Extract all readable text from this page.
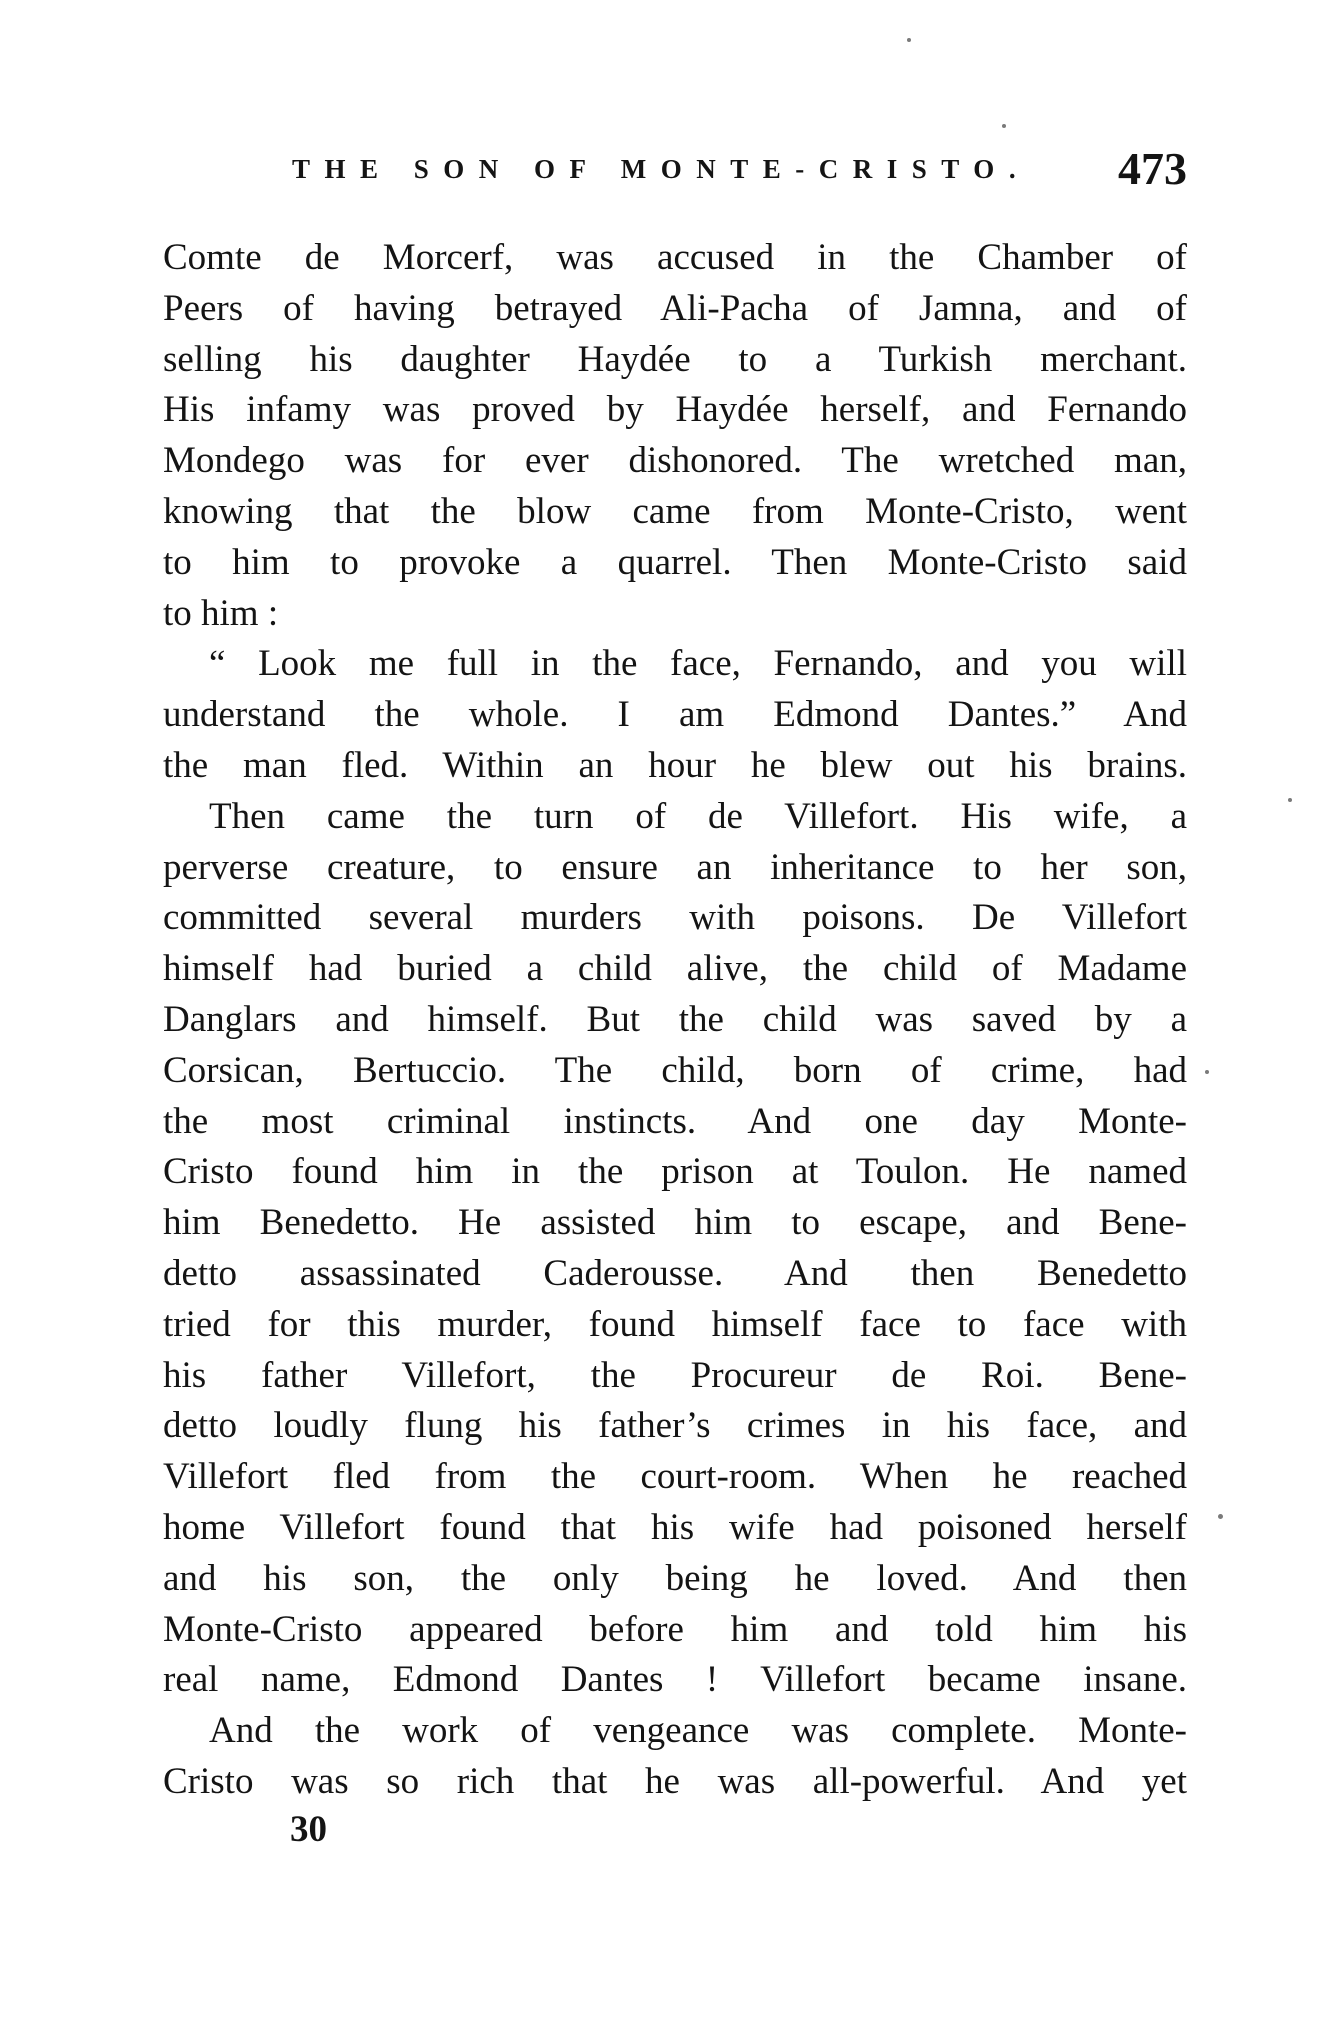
THE SON OF MONTE-CRISTO. 473
Comte de Morcerf, was accused in the Chamber of
Peers of having betrayed Ali-Pacha of Jamna, and of
selling his daughter Haydée to a Turkish merchant.
His infamy was proved by Haydée herself, and Fernando
Mondego was for ever dishonored. The wretched man,
knowing that the blow came from Monte-Cristo, went
to him to provoke a quarrel. Then Monte-Cristo said
to him :
“ Look me full in the face, Fernando, and you will
understand the whole. I am Edmond Dantes.” And
the man fled. Within an hour he blew out his brains.
Then came the turn of de Villefort. His wife, a
perverse creature, to ensure an inheritance to her son,
committed several murders with poisons. De Villefort
himself had buried a child alive, the child of Madame
Danglars and himself. But the child was saved by a
Corsican, Bertuccio. The child, born of crime, had
the most criminal instincts. And one day Monte-
Cristo found him in the prison at Toulon. He named
him Benedetto. He assisted him to escape, and Bene-
detto assassinated Caderousse. And then Benedetto
tried for this murder, found himself face to face with
his father Villefort, the Procureur de Roi. Bene-
detto loudly flung his father’s crimes in his face, and
Villefort fled from the court-room. When he reached
home Villefort found that his wife had poisoned herself
and his son, the only being he loved. And then
Monte-Cristo appeared before him and told him his
real name, Edmond Dantes ! Villefort became insane.
And the work of vengeance was complete. Monte-
Cristo was so rich that he was all-powerful. And yet
30
